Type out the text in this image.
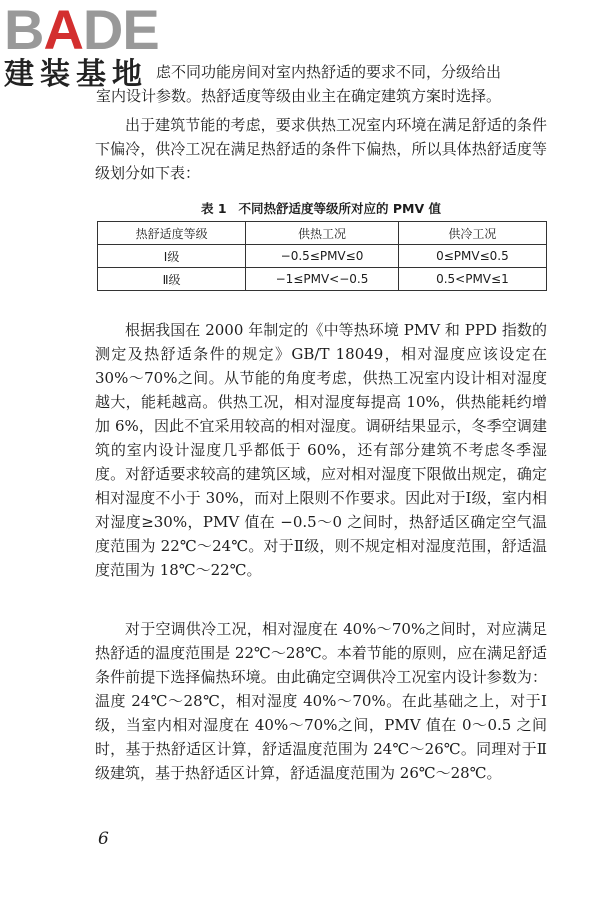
BADE
建装基地 虑不同功能房间对室内热舒适的要求不同，分级给出
室内设计参数。热舒适度等级由业主在确定建筑方案时选择。
出于建筑节能的考虑，要求供热工况室内环境在满足舒适的条件下偏冷，供冷工况在满足热舒适的条件下偏热，所以具体热舒适度等级划分如下表：
表 1 不同热舒适度等级所对应的 PMV 值
热舒适度等级	供热工况	供冷工况
Ⅰ级	−0.5≤PMV≤0	0≤PMV≤0.5
Ⅱ级	−1≤PMV<−0.5	0.5<PMV≤1
根据我国在 2000 年制定的《中等热环境 PMV 和 PPD 指数的测定及热舒适条件的规定》GB/T 18049，相对湿度应该设定在 30%～70%之间。从节能的角度考虑，供热工况室内设计相对湿度越大，能耗越高。供热工况，相对湿度每提高 10%，供热能耗约增加 6%，因此不宜采用较高的相对湿度。调研结果显示，冬季空调建筑的室内设计湿度几乎都低于 60%，还有部分建筑不考虑冬季湿度。对舒适要求较高的建筑区域，应对相对湿度下限做出规定，确定相对湿度不小于 30%，而对上限则不作要求。因此对于Ⅰ级，室内相对湿度≥30%，PMV 值在 −0.5～0 之间时，热舒适区确定空气温度范围为 22℃～24℃。对于Ⅱ级，则不规定相对湿度范围，舒适温度范围为 18℃～22℃。
对于空调供冷工况，相对湿度在 40%～70%之间时，对应满足热舒适的温度范围是 22℃～28℃。本着节能的原则，应在满足舒适条件前提下选择偏热环境。由此确定空调供冷工况室内设计参数为：温度 24℃～28℃，相对湿度 40%～70%。在此基础之上，对于Ⅰ级，当室内相对湿度在 40%～70%之间，PMV 值在 0～0.5 之间时，基于热舒适区计算，舒适温度范围为 24℃～26℃。同理对于Ⅱ级建筑，基于热舒适区计算，舒适温度范围为 26℃～28℃。
6
